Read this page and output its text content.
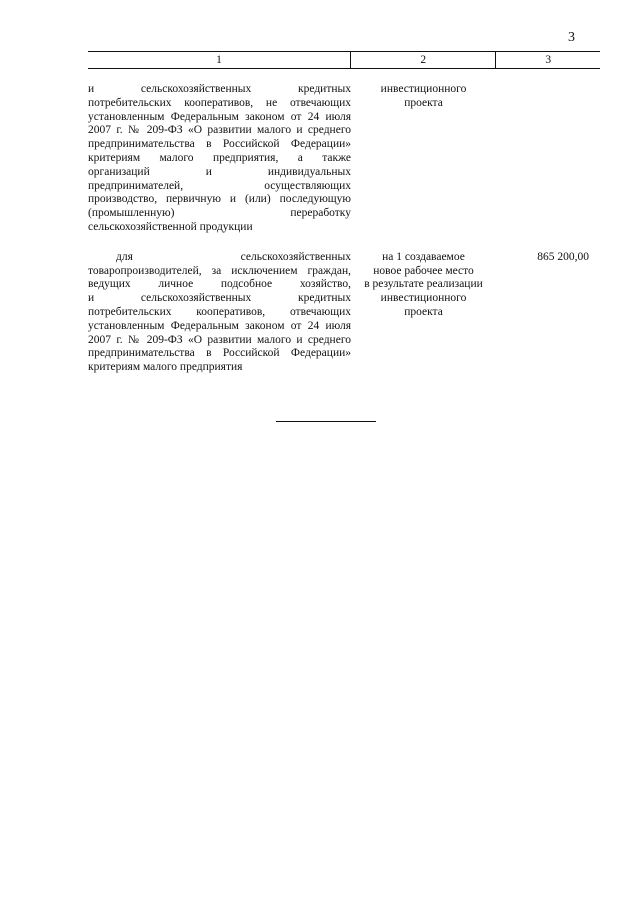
3
1	2	3
и сельскохозяйственных кредитных
потребительских кооперативов, не отвечающих
установленным Федеральным законом от 24 июля
2007 г. № 209-ФЗ «О развитии малого и среднего
предпринимательства в Российской Федерации»
критериям малого предприятия, а также
организаций и индивидуальных
предпринимателей, осуществляющих
производство, первичную и (или) последующую
(промышленную) переработку

сельскохозяйственной продукции

инвестиционного
проекта
для сельскохозяйственных
товаропроизводителей, за исключением граждан,
ведущих личное подсобное хозяйство,
и сельскохозяйственных кредитных
потребительских кооперативов, отвечающих
установленным Федеральным законом от 24 июля
2007 г. № 209-ФЗ «О развитии малого и среднего
предпринимательства в Российской Федерации»

критериям малого предприятия

на 1 создаваемое
новое рабочее место
в результате реализации
инвестиционного
проекта
865 200,00
